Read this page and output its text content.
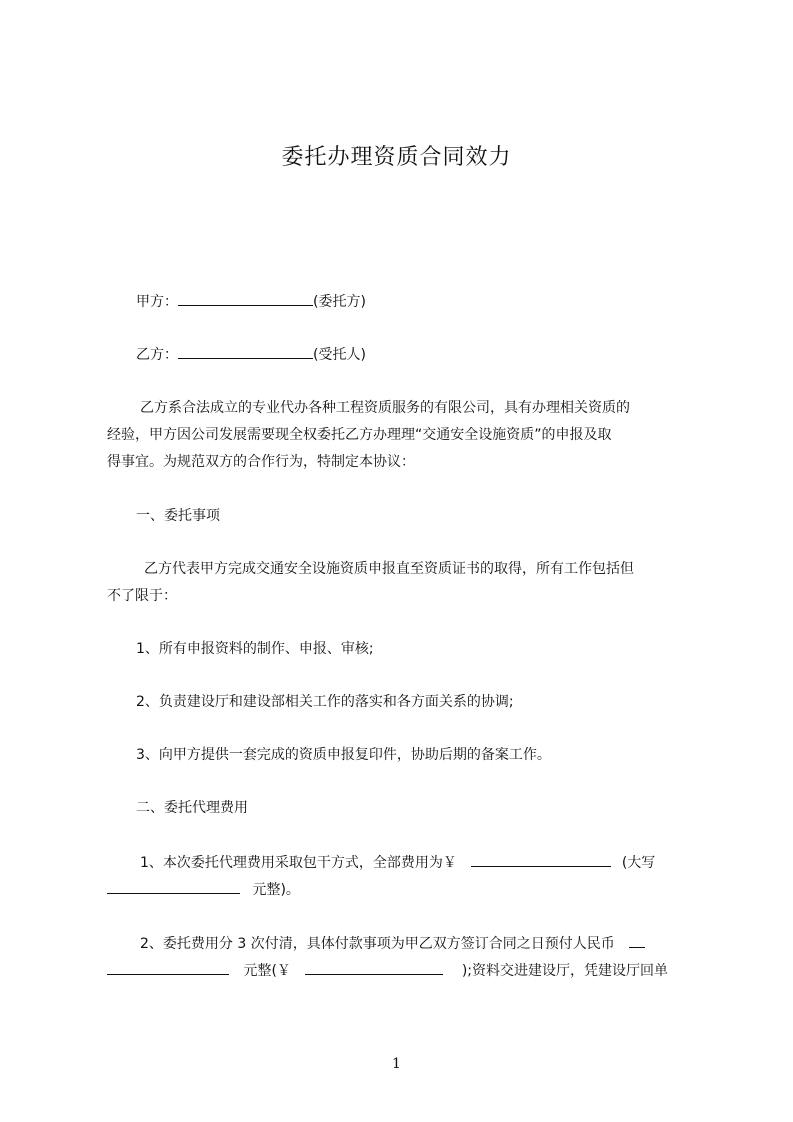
委托办理资质合同效力
甲方：	(委托方)
乙方：	(受托人)
乙方系合法成立的专业代办各种工程资质服务的有限公司，具有办理相关资质的
经验，甲方因公司发展需要现全权委托乙方办理理“交通安全设施资质”的申报及取
得事宜。为规范双方的合作行为，特制定本协议：
一、委托事项
乙方代表甲方完成交通安全设施资质申报直至资质证书的取得，所有工作包括但
不了限于：
1、所有申报资料的制作、申报、审核;
2、负责建设厅和建设部相关工作的落实和各方面关系的协调;
3、向甲方提供一套完成的资质申报复印件，协助后期的备案工作。
二、委托代理费用
1、本次委托代理费用采取包干方式，全部费用为￥	(大写
元整)。
2、委托费用分 3 次付清，具体付款事项为甲乙双方签订合同之日预付人民币
元整(￥	);资料交进建设厅，凭建设厅回单
1
